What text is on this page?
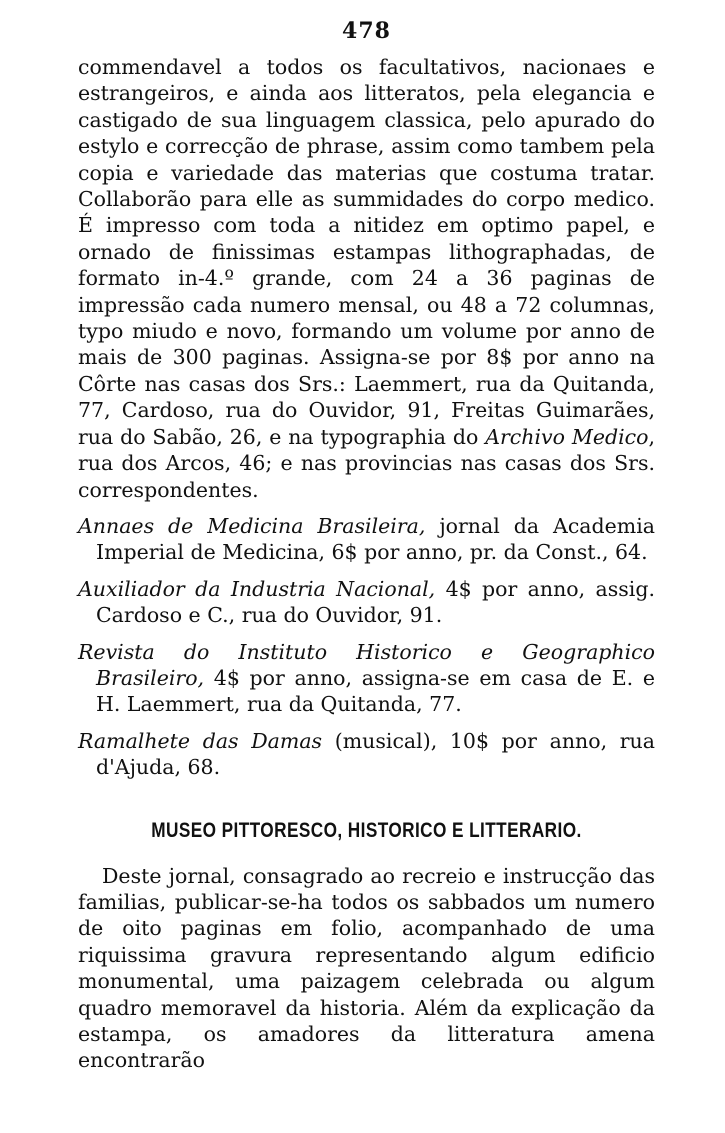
478

commendavel a todos os facultativos, nacionaes e estrangeiros, e ainda aos litteratos, pela elegancia e castigado de sua linguagem classica, pelo apurado do estylo e correcção de phrase, assim como tambem pela copia e variedade das materias que costuma tratar. Collaborão para elle as summidades do corpo medico. É impresso com toda a nitidez em optimo papel, e ornado de finissimas estampas lithographadas, de formato in-4.º grande, com 24 a 36 paginas de impressão cada numero mensal, ou 48 a 72 columnas, typo miudo e novo, formando um volume por anno de mais de 300 paginas. Assigna-se por 8$ por anno na Côrte nas casas dos Srs.: Laemmert, rua da Quitanda, 77, Cardoso, rua do Ouvidor, 91, Freitas Guimarães, rua do Sabão, 26, e na typographia do Archivo Medico, rua dos Arcos, 46; e nas provincias nas casas dos Srs. correspondentes.

Annaes de Medicina Brasileira, jornal da Academia Imperial de Medicina, 6$ por anno, pr. da Const., 64.

Auxiliador da Industria Nacional, 4$ por anno, assig. Cardoso e C., rua do Ouvidor, 91.

Revista do Instituto Historico e Geographico Brasileiro, 4$ por anno, assigna-se em casa de E. e H. Laemmert, rua da Quitanda, 77.

Ramalhete das Damas (musical), 10$ por anno, rua d'Ajuda, 68.

MUSEO PITTORESCO, HISTORICO E LITTERARIO.

Deste jornal, consagrado ao recreio e instrucção das familias, publicar-se-ha todos os sabbados um numero de oito paginas em folio, acompanhado de uma riquissima gravura representando algum edificio monumental, uma paizagem celebrada ou algum quadro memoravel da historia. Além da explicação da estampa, os amadores da litteratura amena encontrarão
